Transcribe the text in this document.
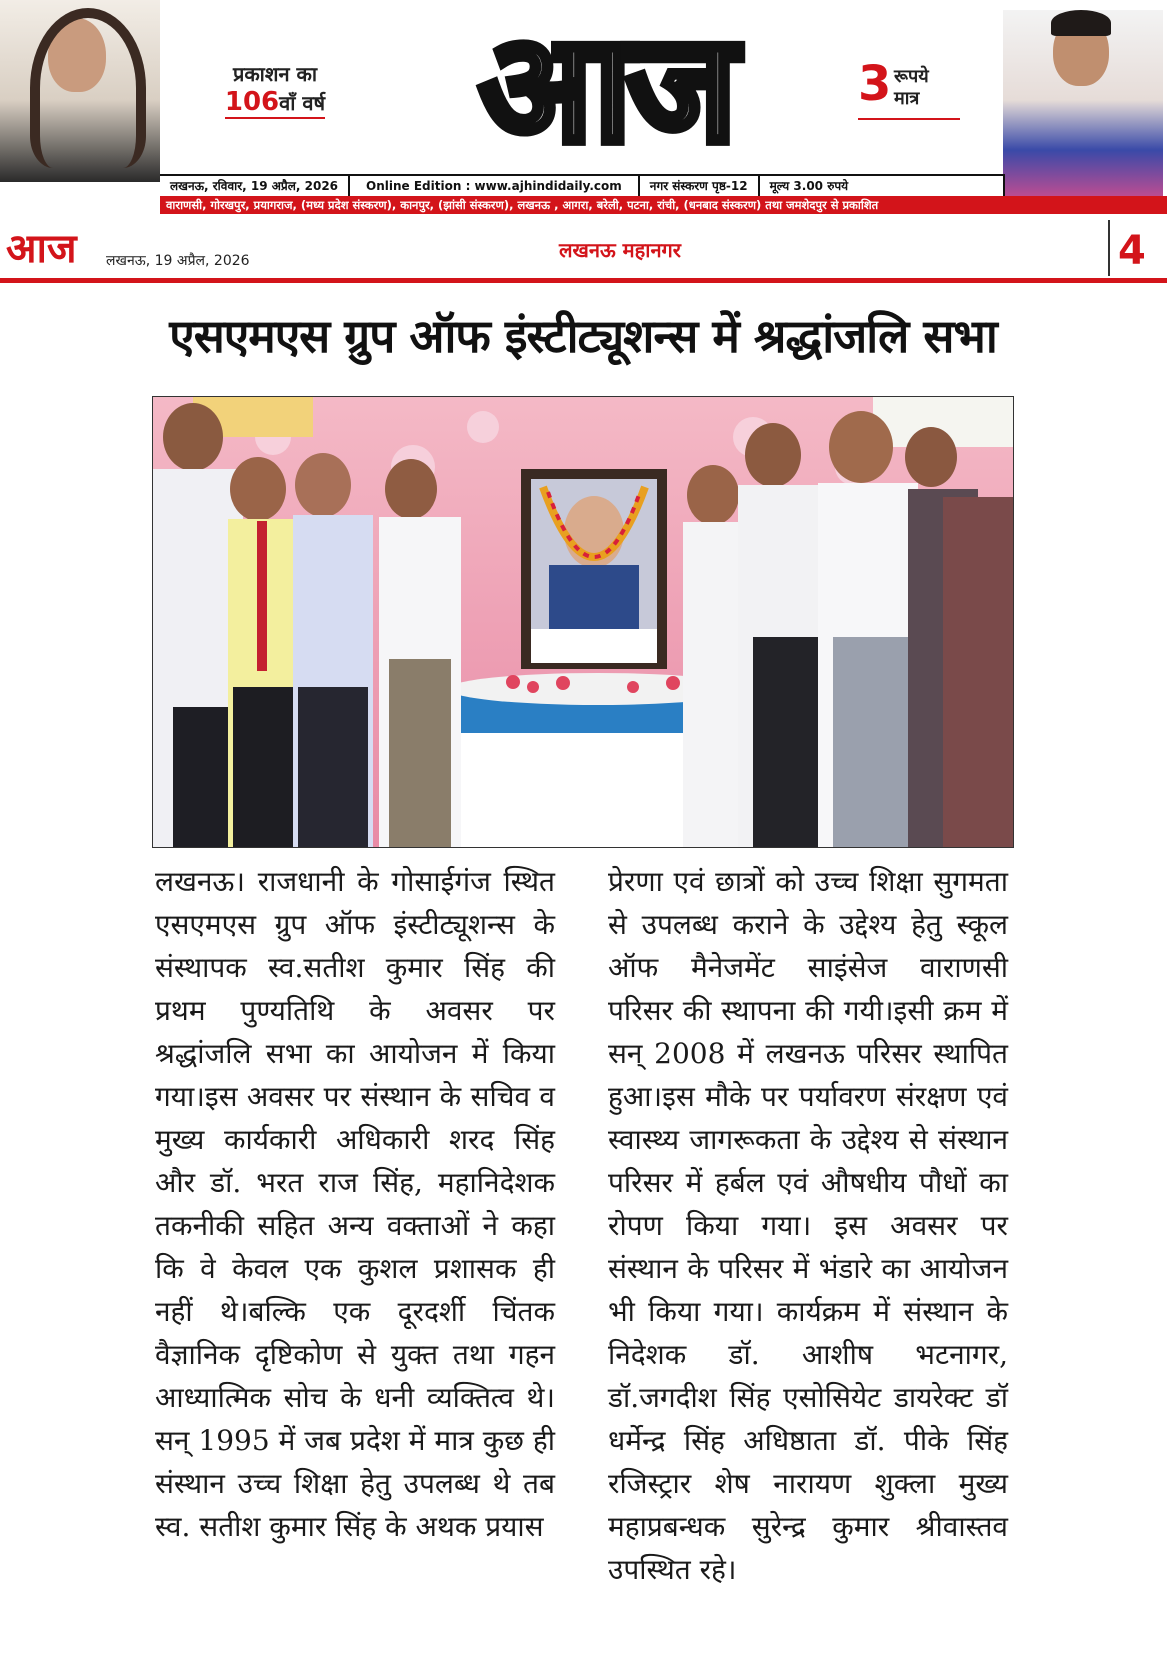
प्रकाशन का
106वाँ वर्ष	आज	3 रूपये मात्र
लखनऊ, रविवार, 19 अप्रैल, 2026	Online Edition : www.ajhindidaily.com	नगर संस्करण पृष्ठ-12	मूल्य 3.00 रुपये
वाराणसी, गोरखपुर, प्रयागराज, (मध्य प्रदेश संस्करण), कानपुर, (झांसी संस्करण), लखनऊ , आगरा, बरेली, पटना, रांची, (धनबाद संस्करण) तथा जमशेदपुर से प्रकाशित
आज लखनऊ, 19 अप्रैल, 2026	लखनऊ महानगर	4
एसएमएस ग्रुप ऑफ इंस्टीट्यूशन्स में श्रद्धांजलि सभा
लखनऊ। राजधानी के गोसाईगंज स्थित एसएमएस ग्रुप ऑफ इंस्टीट्यूशन्स के संस्थापक स्व.सतीश कुमार सिंह की प्रथम पुण्यतिथि के अवसर पर श्रद्धांजलि सभा का आयोजन में किया गया।इस अवसर पर संस्थान के सचिव व मुख्य कार्यकारी अधिकारी शरद सिंह और डॉ. भरत राज सिंह, महानिदेशक तकनीकी सहित अन्य वक्ताओं ने कहा कि वे केवल एक कुशल प्रशासक ही नहीं थे।बल्कि एक दूरदर्शी चिंतक वैज्ञानिक दृष्टिकोण से युक्त तथा गहन आध्यात्मिक सोच के धनी व्यक्तित्व थे। सन् 1995 में जब प्रदेश में मात्र कुछ ही संस्थान उच्च शिक्षा हेतु उपलब्ध थे तब स्व. सतीश कुमार सिंह के अथक प्रयास
प्रेरणा एवं छात्रों को उच्च शिक्षा सुगमता से उपलब्ध कराने के उद्देश्य हेतु स्कूल ऑफ मैनेजमेंट साइंसेज वाराणसी परिसर की स्थापना की गयी।इसी क्रम में सन् 2008 में लखनऊ परिसर स्थापित हुआ।इस मौके पर पर्यावरण संरक्षण एवं स्वास्थ्य जागरूकता के उद्देश्य से संस्थान परिसर में हर्बल एवं औषधीय पौधों का रोपण किया गया। इस अवसर पर संस्थान के परिसर में भंडारे का आयोजन भी किया गया। कार्यक्रम में संस्थान के निदेशक डॉ. आशीष भटनागर, डॉ.जगदीश सिंह एसोसियेट डायरेक्ट डॉ धर्मेन्द्र सिंह अधिष्ठाता डॉ. पीके सिंह रजिस्ट्रार शेष नारायण शुक्ला मुख्य महाप्रबन्धक सुरेन्द्र कुमार श्रीवास्तव उपस्थित रहे।
